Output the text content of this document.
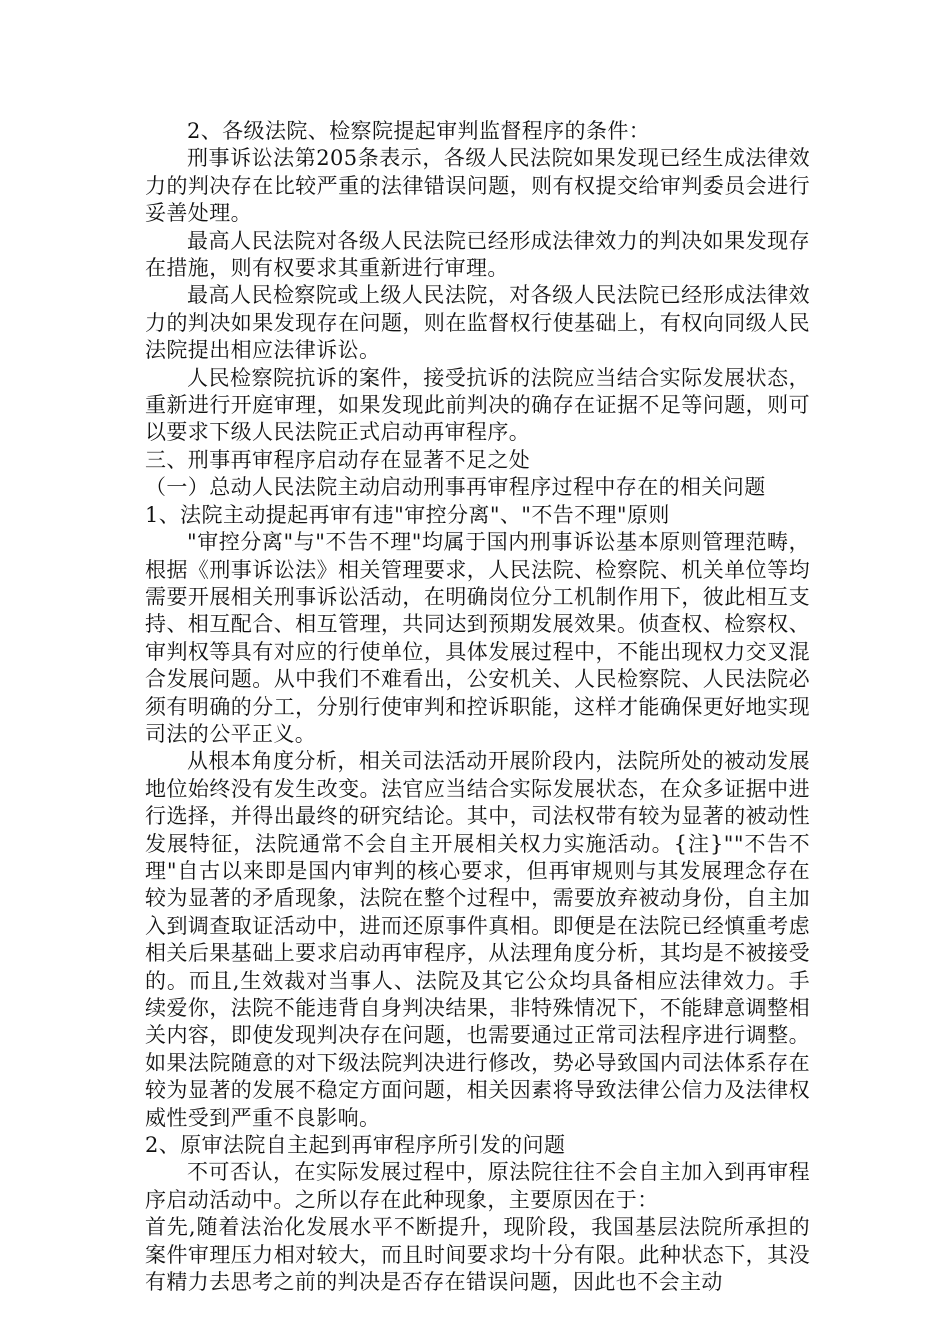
2、各级法院、检察院提起审判监督程序的条件：

刑事诉讼法第205条表示，各级人民法院如果发现已经生成法律效力的判决存在比较严重的法律错误问题，则有权提交给审判委员会进行妥善处理。

最高人民法院对各级人民法院已经形成法律效力的判决如果发现存在措施，则有权要求其重新进行审理。

最高人民检察院或上级人民法院，对各级人民法院已经形成法律效力的判决如果发现存在问题，则在监督权行使基础上，有权向同级人民法院提出相应法律诉讼。

人民检察院抗诉的案件，接受抗诉的法院应当结合实际发展状态，重新进行开庭审理，如果发现此前判决的确存在证据不足等问题，则可以要求下级人民法院正式启动再审程序。

三、刑事再审程序启动存在显著不足之处

（一）总动人民法院主动启动刑事再审程序过程中存在的相关问题

1、法院主动提起再审有违"审控分离"、"不告不理"原则

"审控分离"与"不告不理"均属于国内刑事诉讼基本原则管理范畴，根据《刑事诉讼法》相关管理要求，人民法院、检察院、机关单位等均需要开展相关刑事诉讼活动，在明确岗位分工机制作用下，彼此相互支持、相互配合、相互管理，共同达到预期发展效果。侦查权、检察权、审判权等具有对应的行使单位，具体发展过程中，不能出现权力交叉混合发展问题。从中我们不难看出，公安机关、人民检察院、人民法院必须有明确的分工，分别行使审判和控诉职能，这样才能确保更好地实现司法的公平正义。

从根本角度分析，相关司法活动开展阶段内，法院所处的被动发展地位始终没有发生改变。法官应当结合实际发展状态，在众多证据中进行选择，并得出最终的研究结论。其中，司法权带有较为显著的被动性发展特征，法院通常不会自主开展相关权力实施活动。{注}""不告不理"自古以来即是国内审判的核心要求，但再审规则与其发展理念存在较为显著的矛盾现象，法院在整个过程中，需要放弃被动身份，自主加入到调查取证活动中，进而还原事件真相。即便是在法院已经慎重考虑相关后果基础上要求启动再审程序，从法理角度分析，其均是不被接受的。而且,生效裁对当事人、法院及其它公众均具备相应法律效力。手续爱你，法院不能违背自身判决结果，非特殊情况下，不能肆意调整相关内容，即使发现判决存在问题，也需要通过正常司法程序进行调整。如果法院随意的对下级法院判决进行修改，势必导致国内司法体系存在较为显著的发展不稳定方面问题，相关因素将导致法律公信力及法律权威性受到严重不良影响。

2、原审法院自主起到再审程序所引发的问题

不可否认，在实际发展过程中，原法院往往不会自主加入到再审程序启动活动中。之所以存在此种现象，主要原因在于：

首先,随着法治化发展水平不断提升，现阶段，我国基层法院所承担的案件审理压力相对较大，而且时间要求均十分有限。此种状态下，其没有精力去思考之前的判决是否存在错误问题，因此也不会主动
